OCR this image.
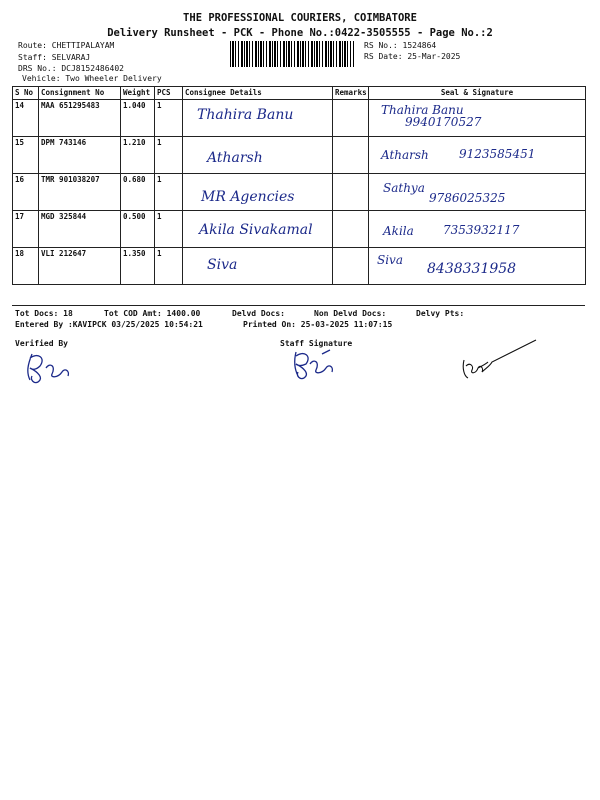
THE PROFESSIONAL COURIERS, COIMBATORE
Delivery Runsheet - PCK - Phone No.:0422-3505555 - Page No.:2
Route: CHETTIPALAYAM
Staff: SELVARAJ
DRS No.: DCJ8152486402
Vehicle: Two Wheeler Delivery
RS No.: 1524864
RS Date: 25-Mar-2025
S No	Consignment No	Weight	PCS	Consignee Details	Remarks	Seal & Signature
14	MAA 651295483	1.040	1	Thahira Banu		Thahira Banu
9940170527

15	DPM 743146	1.210	1	Atharsh		Atharsh 9123585451

16	TMR 901038207	0.680	1	MR Agencies		Sathya
9786025325

17	MGD 325844	0.500	1	Akila Sivakamal		Akila 7353932117

18	VLI 212647	1.350	1	Siva		Siva
8438331958
Tot Docs: 18	Tot COD Amt: 1400.00	Delvd Docs:	Non Delvd Docs:	Delvy Pts:
Entered By :KAVIPCK 03/25/2025 10:54:21	Printed On: 25-03-2025 11:07:15
Verified By	Staff Signature
